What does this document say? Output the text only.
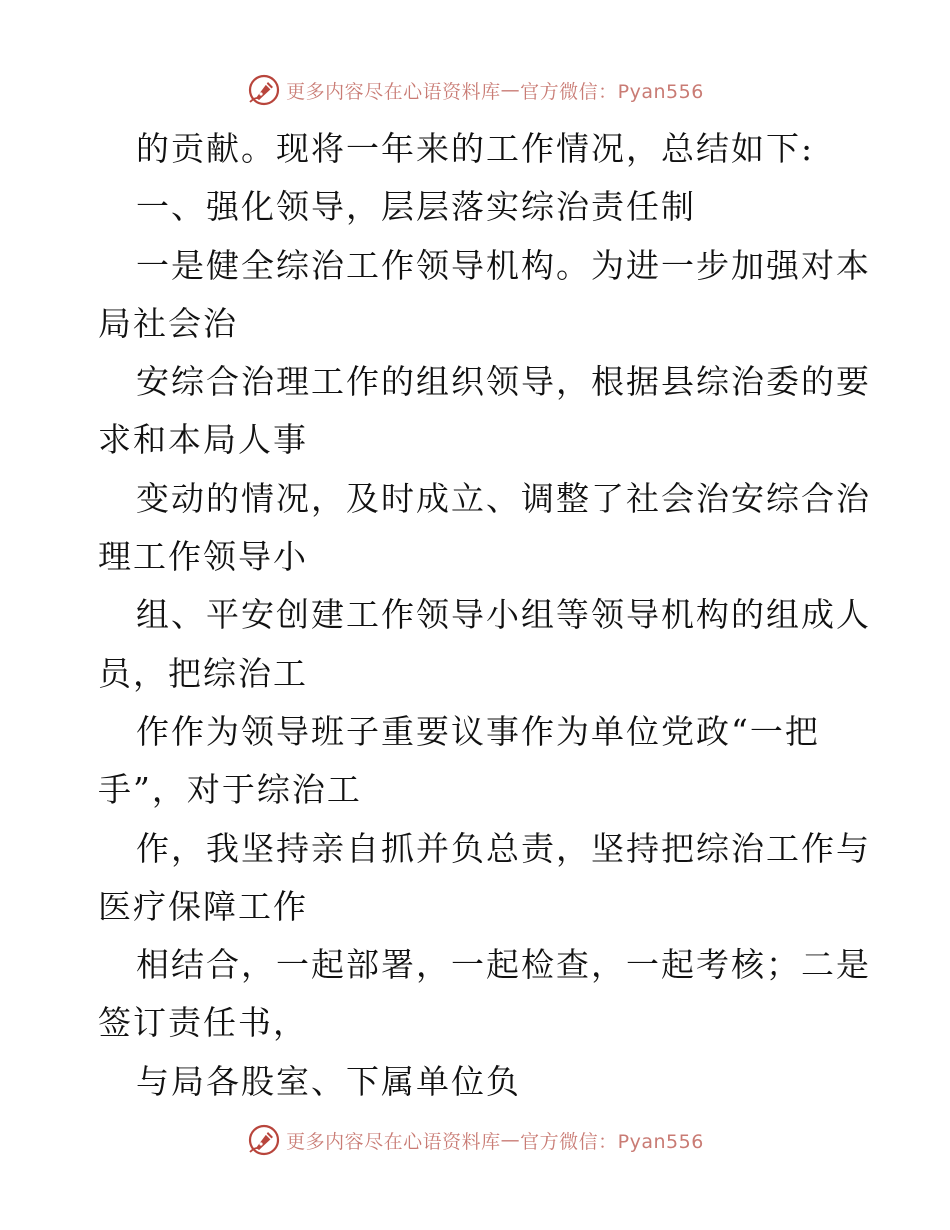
更多内容尽在心语资料库 — 官方微信：Pyan556
的贡献。现将一年来的工作情况，总结如下:
一、强化领导，层层落实综治责任制
一是健全综治工作领导机构。为进一步加强对本
局社会治
安综合治理工作的组织领导，根据县综治委的要
求和本局人事
变动的情况，及时成立、调整了社会治安综合治
理工作领导小
组、平安创建工作领导小组等领导机构的组成人
员，把综治工
作作为领导班子重要议事作为单位党政“一把
手”，对于综治工
作，我坚持亲自抓并负总责，坚持把综治工作与
医疗保障工作
相结合，一起部署，一起检查，一起考核；二是
签订责任书，
与局各股室、下属单位负
更多内容尽在心语资料库 — 官方微信：Pyan556
